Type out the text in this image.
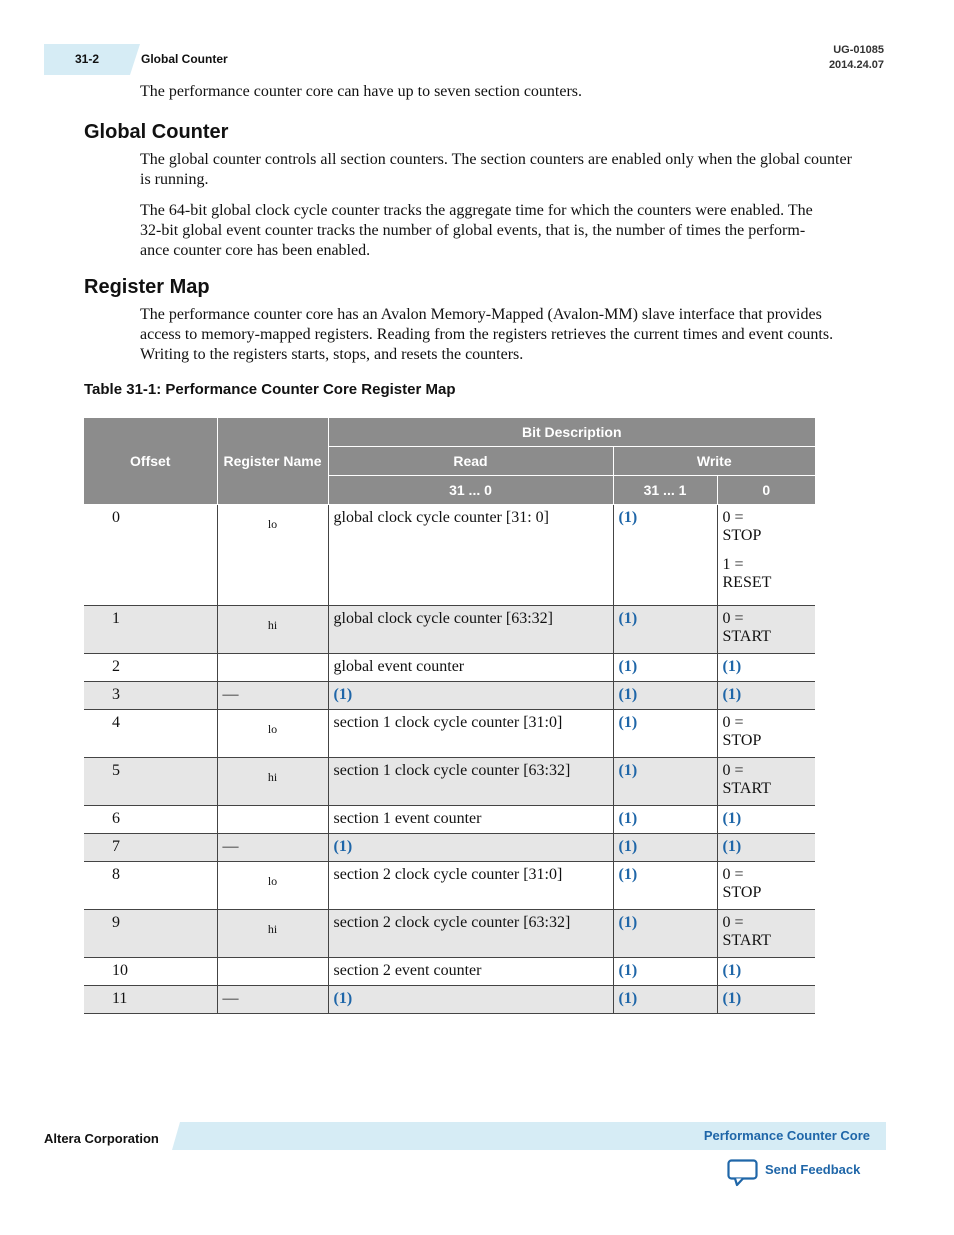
31-2	Global Counter
UG-01085
2014.24.07
The performance counter core can have up to seven section counters.
Global Counter
The global counter controls all section counters. The section counters are enabled only when the global counter is running.
The 64-bit global clock cycle counter tracks the aggregate time for which the counters were enabled. The
32-bit global event counter tracks the number of global events, that is, the number of times the perform-
ance counter core has been enabled.
Register Map
The performance counter core has an Avalon Memory-Mapped (Avalon-MM) slave interface that provides access to memory-mapped registers. Reading from the registers retrieves the current times and event counts. Writing to the registers starts, stops, and resets the counters.
Table 31-1: Performance Counter Core Register Map
Offset	Register Name	Bit Description		
		Read	Write	
		31 ... 0	31 ... 1	0
0	$_{lo}$	global clock cycle counter [31: 0]	(1)	0 =
STOP
1 =
RESET

1	$_{hi}$	global clock cycle counter [63:32]	(1)	0 =
START

2		global event counter	(1)	(1)
3	—	(1)	(1)	(1)
4	$_{lo}$	section 1 clock cycle counter [31:0]	(1)	0 =
STOP

5	$_{hi}$	section 1 clock cycle counter [63:32]	(1)	0 =
START

6		section 1 event counter	(1)	(1)
7	—	(1)	(1)	(1)
8	$_{lo}$	section 2 clock cycle counter [31:0]	(1)	0 =
STOP

9	$_{hi}$	section 2 clock cycle counter [63:32]	(1)	0 =
START

10		section 2 event counter	(1)	(1)
11	—	(1)	(1)	(1)
Altera Corporation	Performance Counter Core
Send Feedback
